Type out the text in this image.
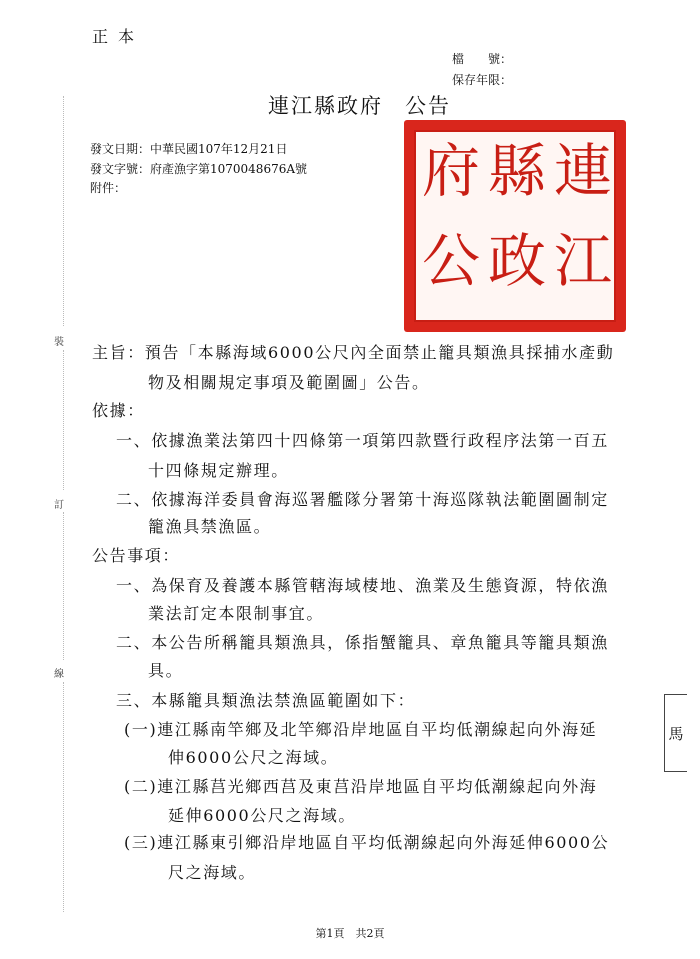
正本
檔　　號：
保存年限：
連江縣政府 公告
發文日期：中華民國107年12月21日
發文字號：府產漁字第1070048676A號
附件：	連
縣
府
江
政
公
裝
訂
線
馬
主旨：預告「本縣海域6000公尺內全面禁止籠具類漁具採捕水產動
物及相關規定事項及範圍圖」公告。
依據：
一、依據漁業法第四十四條第一項第四款暨行政程序法第一百五
十四條規定辦理。
二、依據海洋委員會海巡署艦隊分署第十海巡隊執法範圍圖制定
籠漁具禁漁區。
公告事項：
一、為保育及養護本縣管轄海域棲地、漁業及生態資源，特依漁
業法訂定本限制事宜。
二、本公告所稱籠具類漁具，係指蟹籠具、章魚籠具等籠具類漁
具。
三、本縣籠具類漁法禁漁區範圍如下：
(一)連江縣南竿鄉及北竿鄉沿岸地區自平均低潮線起向外海延
伸6000公尺之海域。
(二)連江縣莒光鄉西莒及東莒沿岸地區自平均低潮線起向外海
延伸6000公尺之海域。
(三)連江縣東引鄉沿岸地區自平均低潮線起向外海延伸6000公
尺之海域。
第1頁　共2頁
